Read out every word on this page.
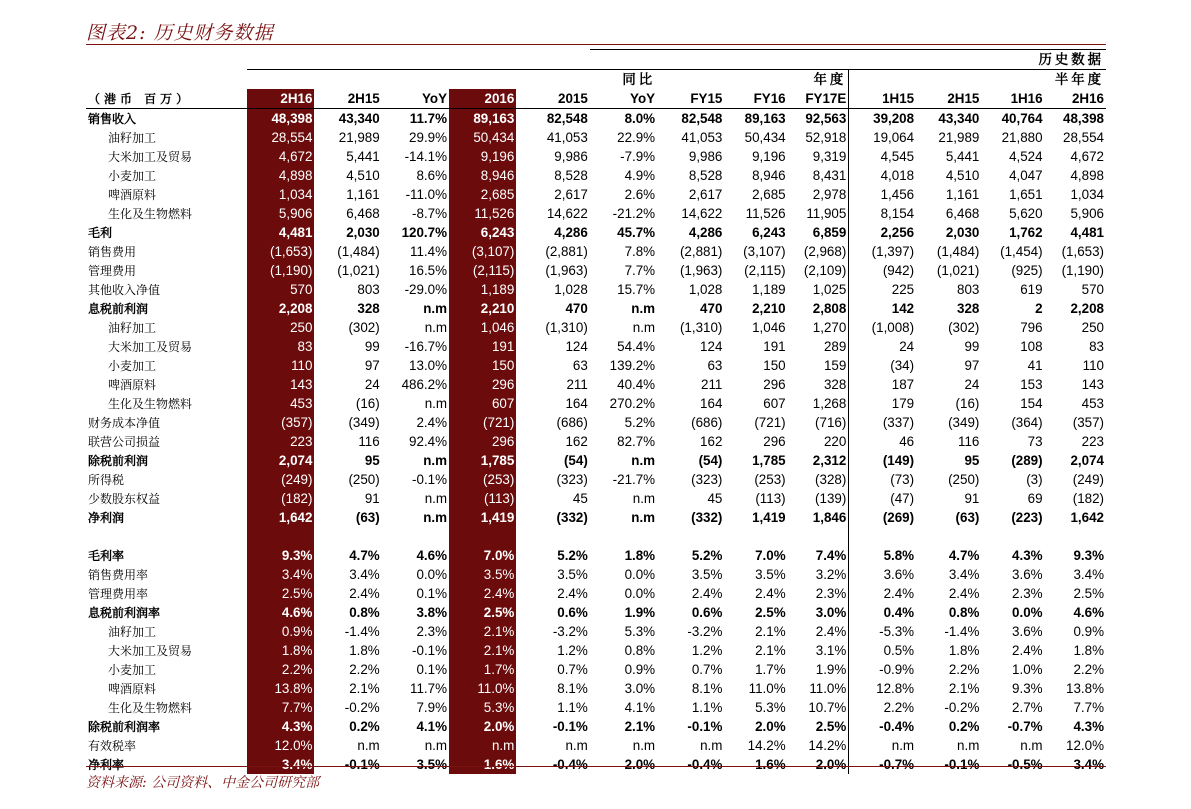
图表2: 历史财务数据
						历史数据							
	同比						年度			半年度			
（港币 百万）	2H16	2H15	YoY	2016	2015	YoY	FY15	FY16	FY17E	1H15	2H15	1H16	2H16
销售收入	48,398	43,340	11.7%	89,163	82,548	8.0%	82,548	89,163	92,563	39,208	43,340	40,764	48,398
油籽加工	28,554	21,989	29.9%	50,434	41,053	22.9%	41,053	50,434	52,918	19,064	21,989	21,880	28,554
大米加工及贸易	4,672	5,441	-14.1%	9,196	9,986	-7.9%	9,986	9,196	9,319	4,545	5,441	4,524	4,672
小麦加工	4,898	4,510	8.6%	8,946	8,528	4.9%	8,528	8,946	8,431	4,018	4,510	4,047	4,898
啤酒原料	1,034	1,161	-11.0%	2,685	2,617	2.6%	2,617	2,685	2,978	1,456	1,161	1,651	1,034
生化及生物燃料	5,906	6,468	-8.7%	11,526	14,622	-21.2%	14,622	11,526	11,905	8,154	6,468	5,620	5,906
毛利	4,481	2,030	120.7%	6,243	4,286	45.7%	4,286	6,243	6,859	2,256	2,030	1,762	4,481
销售费用	(1,653)	(1,484)	11.4%	(3,107)	(2,881)	7.8%	(2,881)	(3,107)	(2,968)	(1,397)	(1,484)	(1,454)	(1,653)
管理费用	(1,190)	(1,021)	16.5%	(2,115)	(1,963)	7.7%	(1,963)	(2,115)	(2,109)	(942)	(1,021)	(925)	(1,190)
其他收入净值	570	803	-29.0%	1,189	1,028	15.7%	1,028	1,189	1,025	225	803	619	570
息税前利润	2,208	328	n.m	2,210	470	n.m	470	2,210	2,808	142	328	2	2,208
油籽加工	250	(302)	n.m	1,046	(1,310)	n.m	(1,310)	1,046	1,270	(1,008)	(302)	796	250
大米加工及贸易	83	99	-16.7%	191	124	54.4%	124	191	289	24	99	108	83
小麦加工	110	97	13.0%	150	63	139.2%	63	150	159	(34)	97	41	110
啤酒原料	143	24	486.2%	296	211	40.4%	211	296	328	187	24	153	143
生化及生物燃料	453	(16)	n.m	607	164	270.2%	164	607	1,268	179	(16)	154	453
财务成本净值	(357)	(349)	2.4%	(721)	(686)	5.2%	(686)	(721)	(716)	(337)	(349)	(364)	(357)
联营公司损益	223	116	92.4%	296	162	82.7%	162	296	220	46	116	73	223
除税前利润	2,074	95	n.m	1,785	(54)	n.m	(54)	1,785	2,312	(149)	95	(289)	2,074
所得税	(249)	(250)	-0.1%	(253)	(323)	-21.7%	(323)	(253)	(328)	(73)	(250)	(3)	(249)
少数股东权益	(182)	91	n.m	(113)	45	n.m	45	(113)	(139)	(47)	91	69	(182)
净利润	1,642	(63)	n.m	1,419	(332)	n.m	(332)	1,419	1,846	(269)	(63)	(223)	1,642

毛利率	9.3%	4.7%	4.6%	7.0%	5.2%	1.8%	5.2%	7.0%	7.4%	5.8%	4.7%	4.3%	9.3%
销售费用率	3.4%	3.4%	0.0%	3.5%	3.5%	0.0%	3.5%	3.5%	3.2%	3.6%	3.4%	3.6%	3.4%
管理费用率	2.5%	2.4%	0.1%	2.4%	2.4%	0.0%	2.4%	2.4%	2.3%	2.4%	2.4%	2.3%	2.5%
息税前利润率	4.6%	0.8%	3.8%	2.5%	0.6%	1.9%	0.6%	2.5%	3.0%	0.4%	0.8%	0.0%	4.6%
油籽加工	0.9%	-1.4%	2.3%	2.1%	-3.2%	5.3%	-3.2%	2.1%	2.4%	-5.3%	-1.4%	3.6%	0.9%
大米加工及贸易	1.8%	1.8%	-0.1%	2.1%	1.2%	0.8%	1.2%	2.1%	3.1%	0.5%	1.8%	2.4%	1.8%
小麦加工	2.2%	2.2%	0.1%	1.7%	0.7%	0.9%	0.7%	1.7%	1.9%	-0.9%	2.2%	1.0%	2.2%
啤酒原料	13.8%	2.1%	11.7%	11.0%	8.1%	3.0%	8.1%	11.0%	11.0%	12.8%	2.1%	9.3%	13.8%
生化及生物燃料	7.7%	-0.2%	7.9%	5.3%	1.1%	4.1%	1.1%	5.3%	10.7%	2.2%	-0.2%	2.7%	7.7%
除税前利润率	4.3%	0.2%	4.1%	2.0%	-0.1%	2.1%	-0.1%	2.0%	2.5%	-0.4%	0.2%	-0.7%	4.3%
有效税率	12.0%	n.m	n.m	n.m	n.m	n.m	n.m	14.2%	14.2%	n.m	n.m	n.m	12.0%
净利率	3.4%	-0.1%	3.5%	1.6%	-0.4%	2.0%	-0.4%	1.6%	2.0%	-0.7%	-0.1%	-0.5%	3.4%
资料来源: 公司资料、中金公司研究部
